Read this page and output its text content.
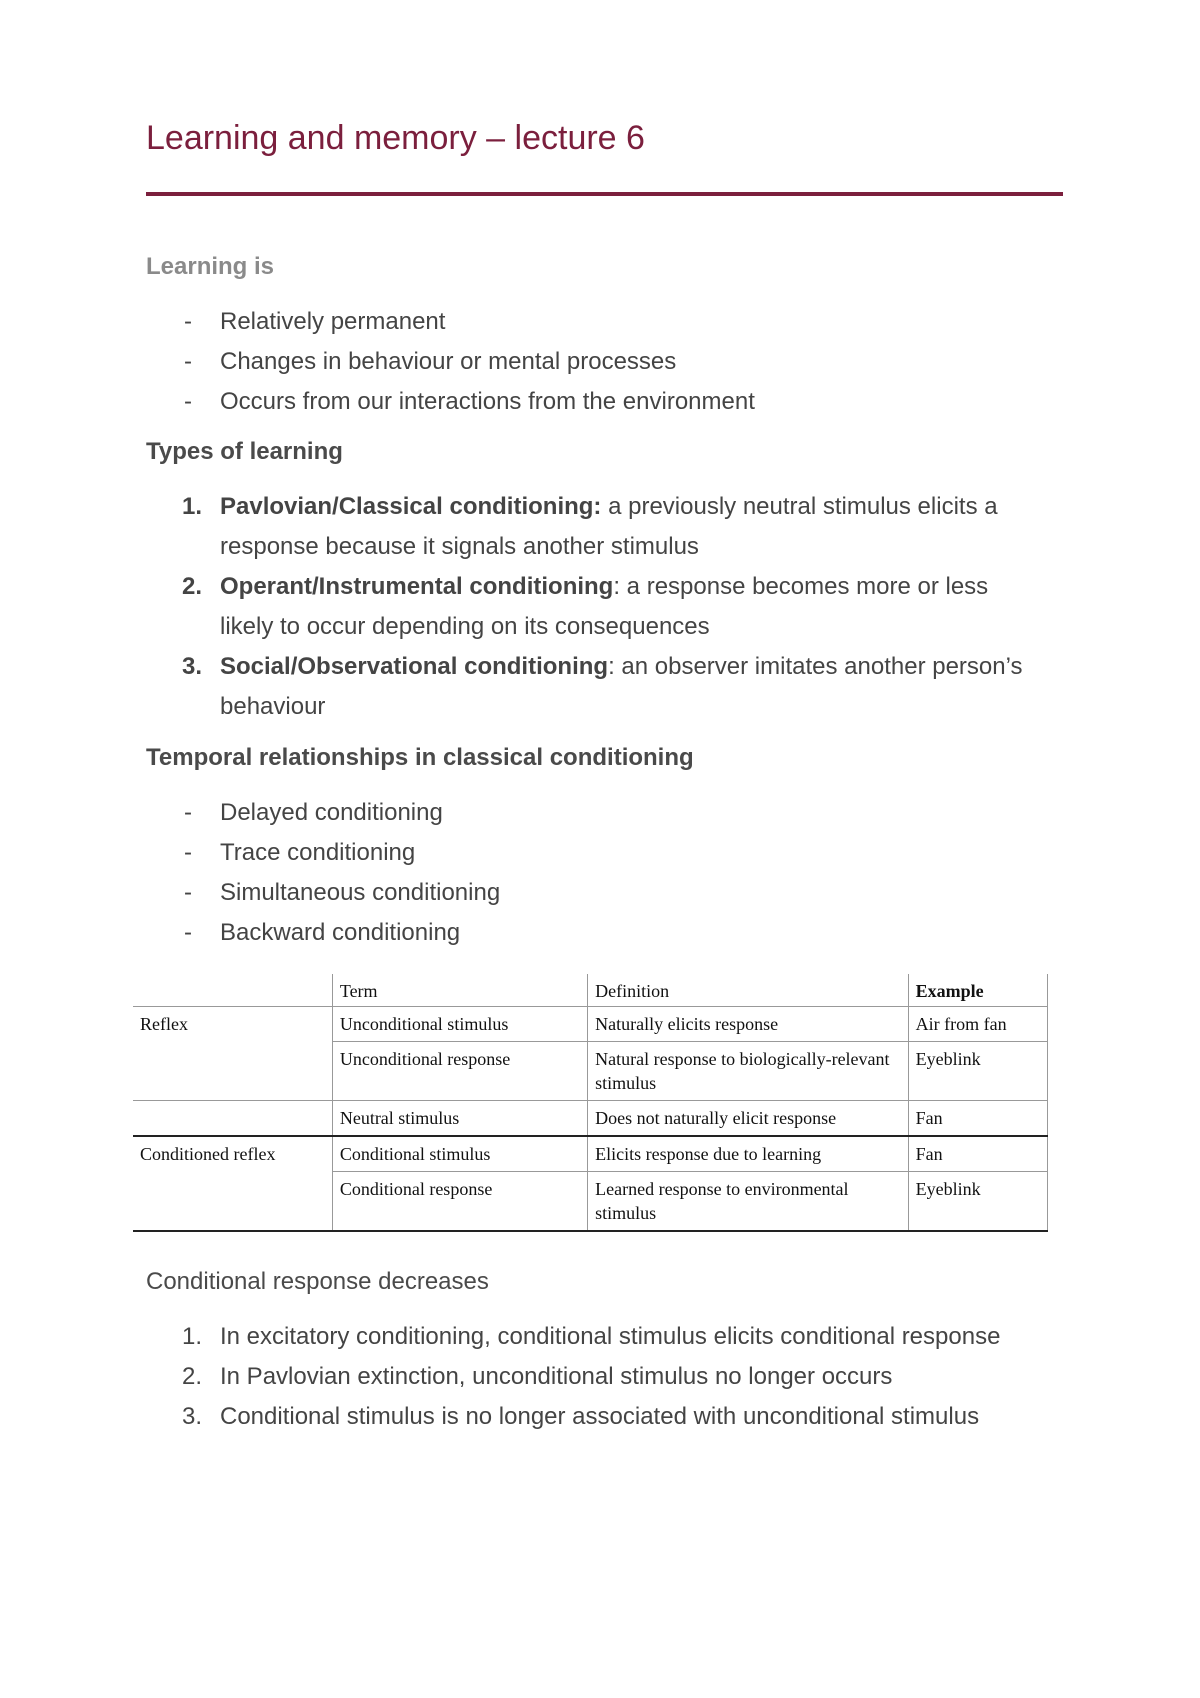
Learning and memory – lecture 6
Learning is
- Relatively permanent
- Changes in behaviour or mental processes
- Occurs from our interactions from the environment
Types of learning
1. Pavlovian/Classical conditioning: a previously neutral stimulus elicits a response because it signals another stimulus
2. Operant/Instrumental conditioning: a response becomes more or less likely to occur depending on its consequences
3. Social/Observational conditioning: an observer imitates another person’s behaviour
Temporal relationships in classical conditioning
- Delayed conditioning
- Trace conditioning
- Simultaneous conditioning
- Backward conditioning
	Term	Definition	Example
Reflex	Unconditional stimulus	Naturally elicits response	Air from fan
	Unconditional response	Natural response to biologically-relevant stimulus	Eyeblink
	Neutral stimulus	Does not naturally elicit response	Fan
Conditioned reflex	Conditional stimulus	Elicits response due to learning	Fan
	Conditional response	Learned response to environmental stimulus	Eyeblink
Conditional response decreases
1. In excitatory conditioning, conditional stimulus elicits conditional response
2. In Pavlovian extinction, unconditional stimulus no longer occurs
3. Conditional stimulus is no longer associated with unconditional stimulus
